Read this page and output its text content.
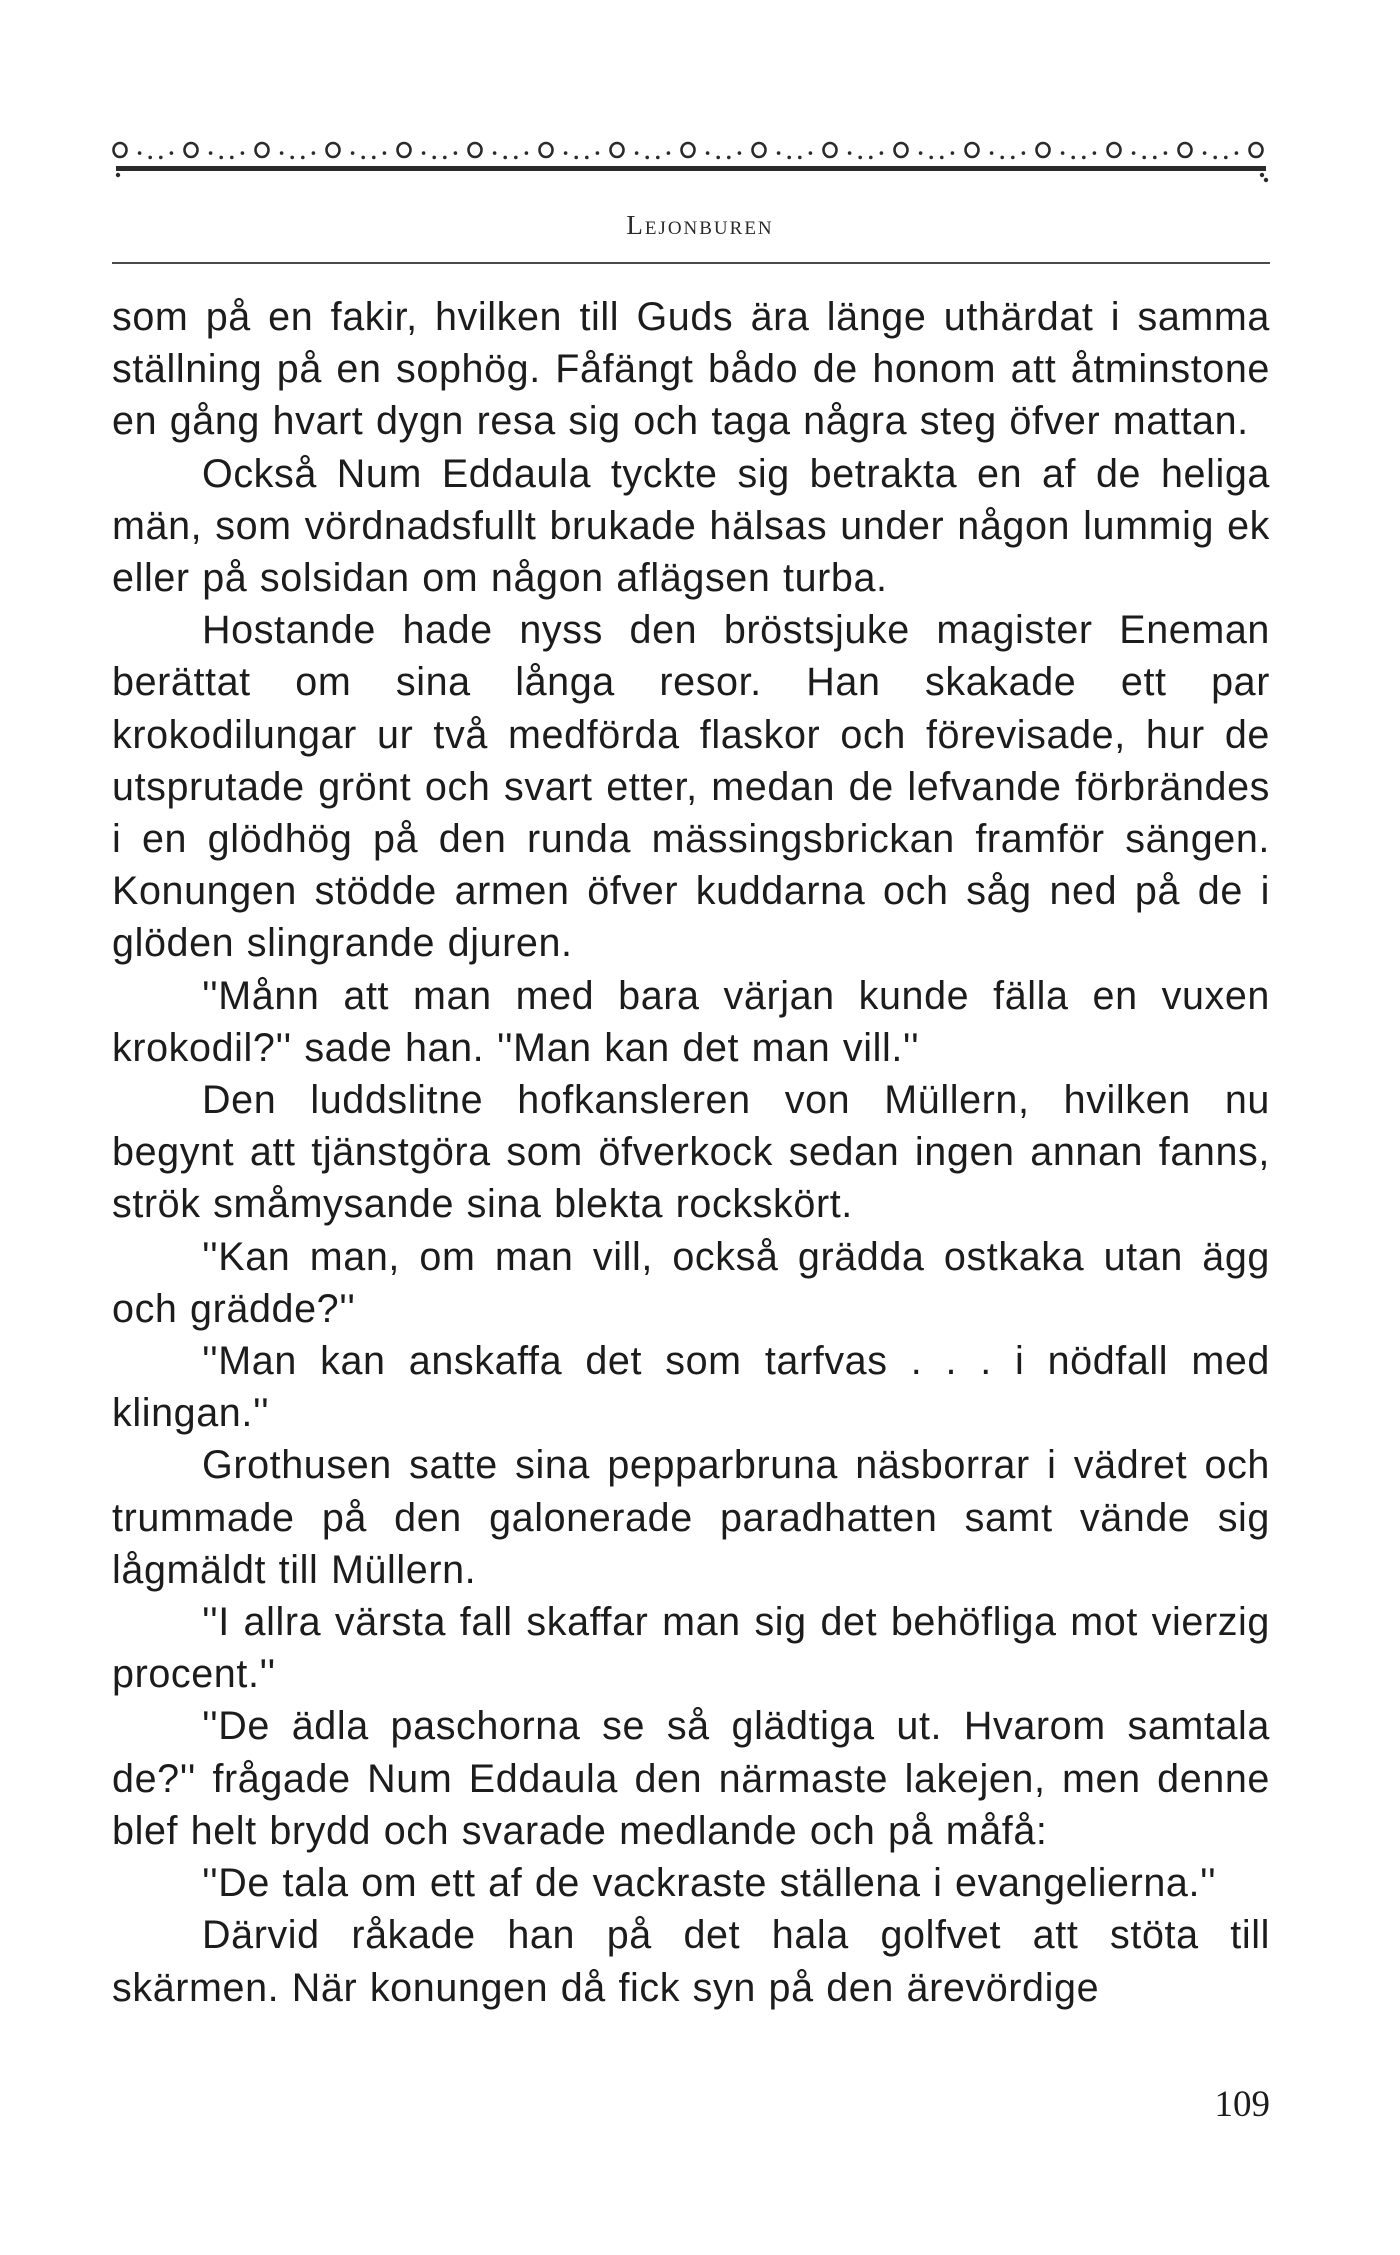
Lejonburen

som på en fakir, hvilken till Guds ära länge uthärdat i samma ställning på en sophög. Fåfängt bådo de honom att åtminstone en gång hvart dygn resa sig och taga några steg öfver mattan.

Också Num Eddaula tyckte sig betrakta en af de heliga män, som vördnadsfullt brukade hälsas under någon lummig ek eller på solsidan om någon aflägsen turba.

Hostande hade nyss den bröstsjuke magister Eneman berättat om sina långa resor. Han skakade ett par krokodilungar ur två medförda flaskor och förevisade, hur de utsprutade grönt och svart etter, medan de lefvande förbrändes i en glödhög på den runda mässingsbrickan framför sängen. Konungen stödde armen öfver kuddarna och såg ned på de i glöden slingrande djuren.

''Månn att man med bara värjan kunde fälla en vuxen krokodil?'' sade han. ''Man kan det man vill.''

Den luddslitne hofkansleren von Müllern, hvilken nu begynt att tjänstgöra som öfverkock sedan ingen annan fanns, strök småmysande sina blekta rockskört.

''Kan man, om man vill, också grädda ostkaka utan ägg och grädde?''

''Man kan anskaffa det som tarfvas . . . i nödfall med klingan.''

Grothusen satte sina pepparbruna näsborrar i vädret och trummade på den galonerade paradhatten samt vände sig lågmäldt till Müllern.

''I allra värsta fall skaffar man sig det behöfliga mot vierzig procent.''

''De ädla paschorna se så glädtiga ut. Hvarom samtala de?'' frågade Num Eddaula den närmaste lakejen, men denne blef helt brydd och svarade medlande och på måfå:

''De tala om ett af de vackraste ställena i evangelierna.''

Därvid råkade han på det hala golfvet att stöta till skärmen. När konungen då fick syn på den ärevördige

109
